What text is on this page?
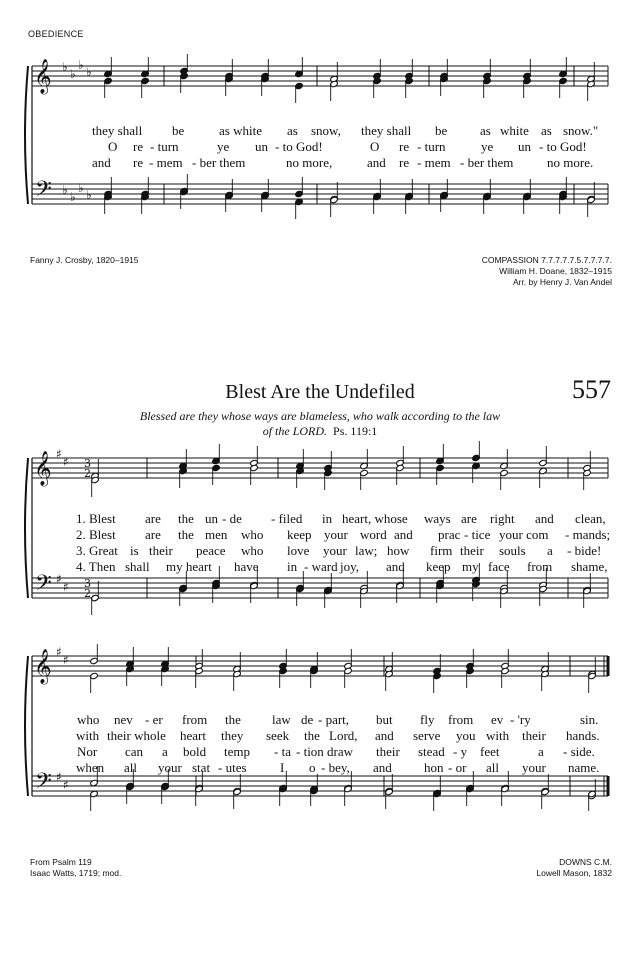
OBEDIENCE
𝄞
𝄢
♭
♭
♭
♭
♭
♭
♭
♭
𝄞
𝄢
♯
♯
♯
♯
3
2
3
2
𝄞
𝄢
♯
♯
♯
♯
they shall be	as white as snow, they shall be	as white as snow."
O re - turn	ye un - to God!	O re - turn	ye un - to God!
and re - mem - ber them	no more,	and re - mem - ber them	no more.
Fanny J. Crosby, 1820–1915	COMPASSION 7.7.7.7.7.5.7.7.7.7.
William H. Doane, 1832–1915
Arr. by Henry J. Van Andel
Blest Are the Undefiled	557
Blessed are they whose ways are blameless, who walk according to the law
of the LORD. Ps. 119:1
1. Blest are the un - de - filed in heart, whose ways are right and clean,
2. Blest are the men who keep your word and prac - tice your com - mands;
3. Great is their peace who love your law; how firm their souls a - bide!
4. Then shall my heart have in - ward joy, and keep my face from shame,
who nev - er from the law de - part, but fly from ev - 'ry	sin.
with their whole heart they seek the Lord, and serve you with their hands.
Nor can a bold temp - ta - tion draw their stead - y feet	a - side.
when all your stat - utes	I o - bey, and hon - or all your name.
From Psalm 119
Isaac Watts, 1719; mod.
DOWNS C.M.
Lowell Mason, 1832
